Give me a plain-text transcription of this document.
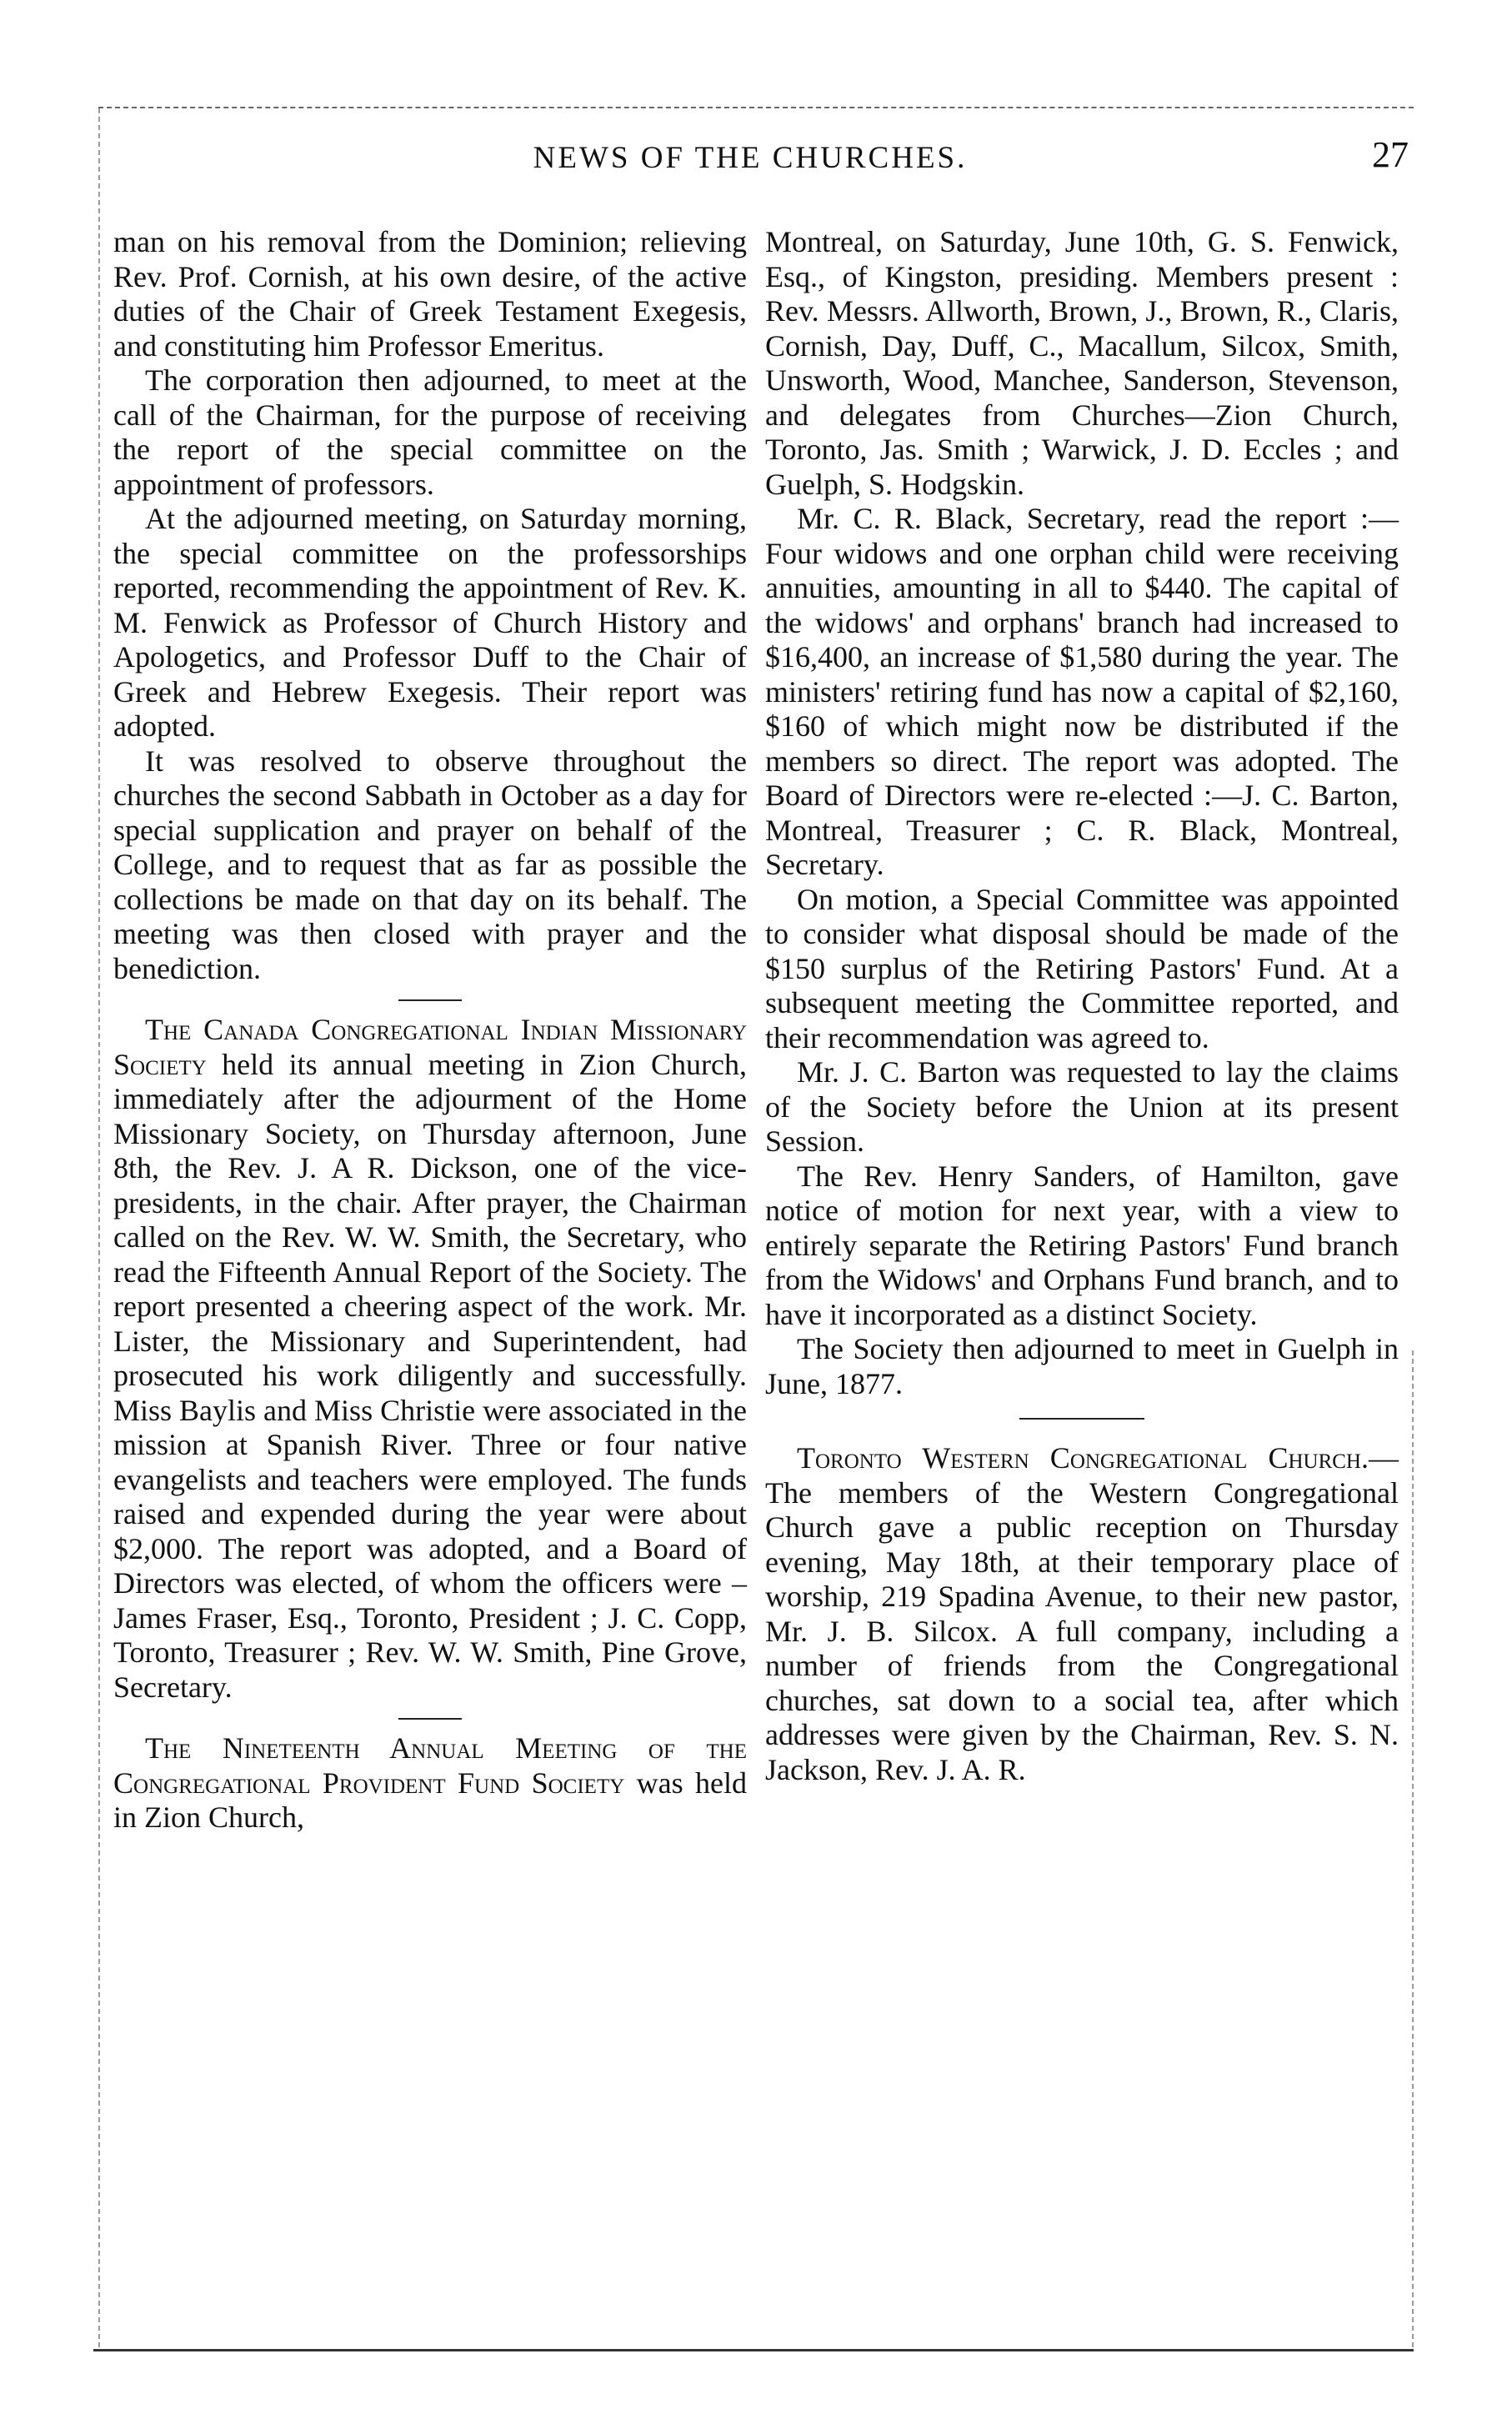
NEWS OF THE CHURCHES.	27

man on his removal from the Dominion; relieving Rev. Prof. Cornish, at his own desire, of the active duties of the Chair of Greek Testament Exegesis, and constituting him Professor Emeritus.

The corporation then adjourned, to meet at the call of the Chairman, for the purpose of receiving the report of the special committee on the appointment of professors.

At the adjourned meeting, on Saturday morning, the special committee on the professorships reported, recommending the appointment of Rev. K. M. Fenwick as Professor of Church History and Apologetics, and Professor Duff to the Chair of Greek and Hebrew Exegesis. Their report was adopted.

It was resolved to observe throughout the churches the second Sabbath in October as a day for special supplication and prayer on behalf of the College, and to request that as far as possible the collections be made on that day on its behalf. The meeting was then closed with prayer and the benediction.

The Canada Congregational Indian Missionary Society held its annual meeting in Zion Church, immediately after the adjourment of the Home Missionary Society, on Thursday afternoon, June 8th, the Rev. J. A R. Dickson, one of the vice-presidents, in the chair. After prayer, the Chairman called on the Rev. W. W. Smith, the Secretary, who read the Fifteenth Annual Report of the Society. The report presented a cheering aspect of the work. Mr. Lister, the Missionary and Superintendent, had prosecuted his work diligently and successfully. Miss Baylis and Miss Christie were associated in the mission at Spanish River. Three or four native evangelists and teachers were employed. The funds raised and expended during the year were about $2,000. The report was adopted, and a Board of Directors was elected, of whom the officers were –James Fraser, Esq., Toronto, President ; J. C. Copp, Toronto, Treasurer ; Rev. W. W. Smith, Pine Grove, Secretary.

The Nineteenth Annual Meeting of the Congregational Provident Fund Society was held in Zion Church,

Montreal, on Saturday, June 10th, G. S. Fenwick, Esq., of Kingston, presiding. Members present : Rev. Messrs. Allworth, Brown, J., Brown, R., Claris, Cornish, Day, Duff, C., Macallum, Silcox, Smith, Unsworth, Wood, Manchee, Sanderson, Stevenson, and delegates from Churches—Zion Church, Toronto, Jas. Smith ; Warwick, J. D. Eccles ; and Guelph, S. Hodgskin.

Mr. C. R. Black, Secretary, read the report :—Four widows and one orphan child were receiving annuities, amounting in all to $440. The capital of the widows' and orphans' branch had increased to $16,400, an increase of $1,580 during the year. The ministers' retiring fund has now a capital of $2,160, $160 of which might now be distributed if the members so direct. The report was adopted. The Board of Directors were re-elected :—J. C. Barton, Montreal, Treasurer ; C. R. Black, Montreal, Secretary.

On motion, a Special Committee was appointed to consider what disposal should be made of the $150 surplus of the Retiring Pastors' Fund. At a subsequent meeting the Committee reported, and their recommendation was agreed to.

Mr. J. C. Barton was requested to lay the claims of the Society before the Union at its present Session.

The Rev. Henry Sanders, of Hamilton, gave notice of motion for next year, with a view to entirely separate the Retiring Pastors' Fund branch from the Widows' and Orphans Fund branch, and to have it incorporated as a distinct Society.

The Society then adjourned to meet in Guelph in June, 1877.

Toronto Western Congregational Church.—The members of the Western Congregational Church gave a public reception on Thursday evening, May 18th, at their temporary place of worship, 219 Spadina Avenue, to their new pastor, Mr. J. B. Silcox. A full company, including a number of friends from the Congregational churches, sat down to a social tea, after which addresses were given by the Chairman, Rev. S. N. Jackson, Rev. J. A. R.
